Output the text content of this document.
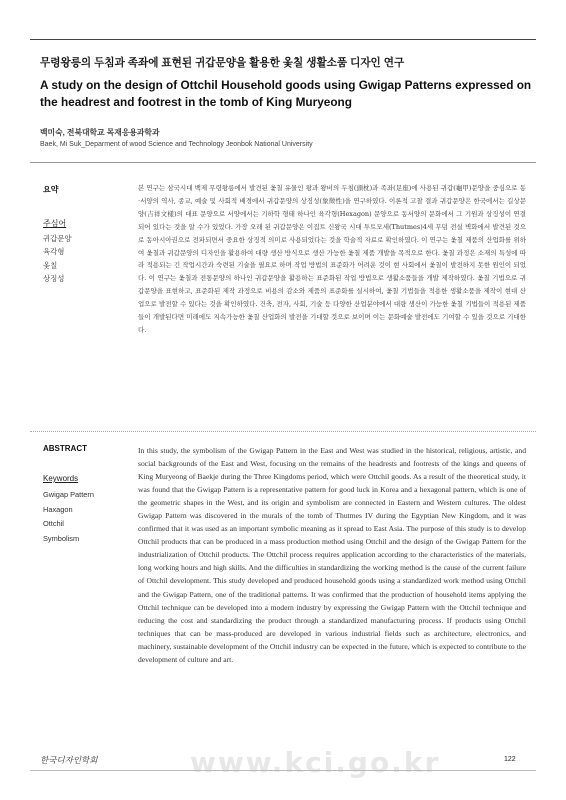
무령왕릉의 두침과 족좌에 표현된 귀갑문양을 활용한 옻칠 생활소품 디자인 연구
A study on the design of Ottchil Household goods using Gwigap Patterns expressed on the headrest and footrest in the tomb of King Muryeong
백미숙, 전북대학교 목재응용과학과
Baek, Mi Suk_Deparment of wood Science and Technology Jeonbok National University
요약
주심어
귀갑문양
육각형
옻칠
상징성

본 연구는 삼국시대 백제 무령왕릉에서 발견된 옻칠 유물인 왕과 왕비의 두침(頭枕)과 족좌(足座)에 사용된 귀갑(龜甲)문양을 중심으로 동·서양의 역사, 종교, 예술 및 사회적 배경에서 귀갑문양의 상징성(象徵性)을 연구하였다. 이론적 고찰 결과 귀갑문양은 한국에서는 길상문양(吉祥文樣)의 대표 문양으로 서양에서는 기하학 형태 하나인 육각형(Hexagon) 문양으로 동서양의 문화에서 그 기원과 상징성이 연결되어 있다는 것을 알 수가 있었다. 가장 오래 된 귀갑문양은 이집트 신왕국 시대 투트모세(Thutmes)4세 무덤 전실 벽화에서 발견된 것으로 동아시아권으로 전파되면서 중요한 상징적 의미로 사용되었다는 것을 학술적 자료로 확인하였다. 이 연구는 옻칠 제품의 산업화를 위하여 옻칠과 귀갑문양의 디자인을 활용하여 대량 생산 방식으로 생산 가능한 옻칠 제품 개발을 목적으로 한다. 옻칠 과정은 소재의 특성에 따라 적용되는 긴 작업시간과 숙련된 기술을 필요로 하며 작업 방법의 표준화가 어려운 것이 현 사회에서 옻칠이 발전하지 못한 원인이 되었다. 이 연구는 옻칠과 전통문양의 하나인 귀갑문양을 활용하는 표준화된 작업 방법으로 생활소품들을 개발 제작하였다. 옻칠 기법으로 귀갑문양을 표현하고, 표준화된 제작 과정으로 비용의 감소와 제품의 표준화를 실시하여, 옻칠 기법들을 적용한 생활소품을 제작이 현대 산업으로 발전할 수 있다는 것을 확인하였다. 건축, 전자, 사회, 기술 등 다양한 산업분야에서 대량 생산이 가능한 옻칠 기법들이 적용된 제품들이 개발된다면 미래에도 지속가능한 옻칠 산업화의 발전을 기대할 것으로 보이며 이는 문화예술 발전에도 기여할 수 있을 것으로 기대한다.

ABSTRACT
Keywords
Gwigap Pattern
Haxagon
Ottchil
Symbolism

In this study, the symbolism of the Gwigap Pattern in the East and West was studied in the historical, religious, artistic, and social backgrounds of the East and West, focusing on the remains of the headrests and footrests of the kings and queens of King Muryeong of Baekje during the Three Kingdoms period, which were Ottchil goods. As a result of the theoretical study, it was found that the Gwigap Pattern is a representative pattern for good luck in Korea and a hexagonal pattern, which is one of the geometric shapes in the West, and its origin and symbolism are connected in Eastern and Western cultures. The oldest Gwigap Pattern was discovered in the murals of the tomb of Thutmes IV during the Egyptian New Kingdom, and it was confirmed that it was used as an important symbolic meaning as it spread to East Asia. The purpose of this study is to develop Ottchil products that can be produced in a mass production method using Ottchil and the design of the Gwigap Pattern for the industrialization of Ottchil products. The Ottchil process requires application according to the characteristics of the materials, long working hours and high skills. And the difficulties in standardizing the working method is the cause of the current failure of Ottchil development. This study developed and produced household goods using a standardized work method using Ottchil and the Gwigap Pattern, one of the traditional patterns. It was confirmed that the production of household items applying the Ottchil technique can be developed into a modern industry by expressing the Gwigap Pattern with the Ottchil technique and reducing the cost and standardizing the product through a standardized manufacturing process. If products using Ottchil techniques that can be mass-produced are developed in various industrial fields such as architecture, electronics, and machinery, sustainable development of the Ottchil industry can be expected in the future, which is expected to contribute to the development of culture and art.

www.kci.go.kr
한국디자인학회	122
